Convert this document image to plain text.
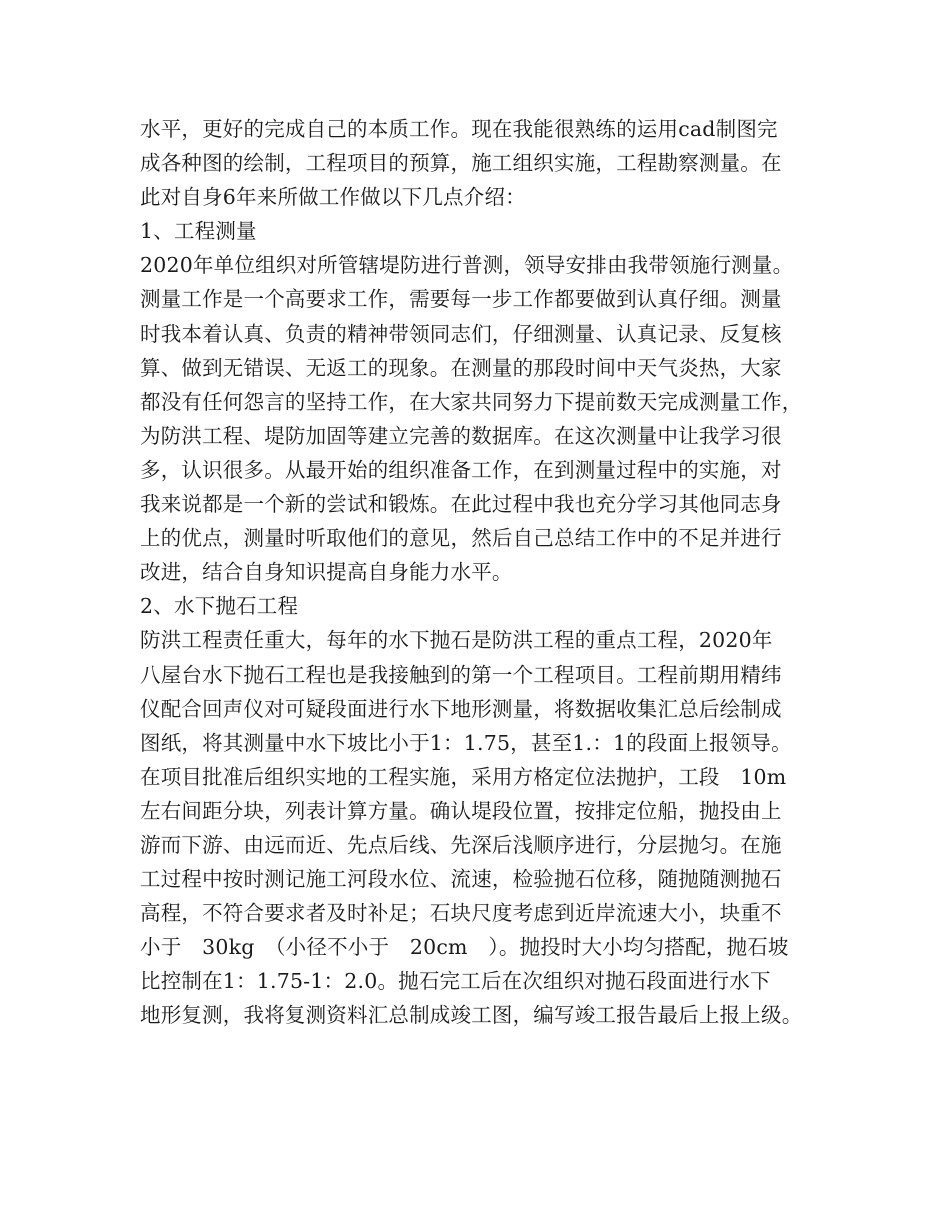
水平，更好的完成自己的本质工作。现在我能很熟练的运用cad制图完
成各种图的绘制，工程项目的预算，施工组织实施，工程勘察测量。在
此对自身6年来所做工作做以下几点介绍：
1、工程测量
2020年单位组织对所管辖堤防进行普测，领导安排由我带领施行测量。
测量工作是一个高要求工作，需要每一步工作都要做到认真仔细。测量
时我本着认真、负责的精神带领同志们，仔细测量、认真记录、反复核
算、做到无错误、无返工的现象。在测量的那段时间中天气炎热，大家
都没有任何怨言的坚持工作，在大家共同努力下提前数天完成测量工作，
为防洪工程、堤防加固等建立完善的数据库。在这次测量中让我学习很
多，认识很多。从最开始的组织准备工作，在到测量过程中的实施，对
我来说都是一个新的尝试和锻炼。在此过程中我也充分学习其他同志身
上的优点，测量时听取他们的意见，然后自己总结工作中的不足并进行
改进，结合自身知识提高自身能力水平。
2、水下抛石工程
防洪工程责任重大，每年的水下抛石是防洪工程的重点工程，2020年
八屋台水下抛石工程也是我接触到的第一个工程项目。工程前期用精纬
仪配合回声仪对可疑段面进行水下地形测量，将数据收集汇总后绘制成
图纸，将其测量中水下坡比小于1：1.75，甚至1.：1的段面上报领导。
在项目批准后组织实地的工程实施，采用方格定位法抛护，工段　10m
左右间距分块，列表计算方量。确认堤段位置，按排定位船，抛投由上
游而下游、由远而近、先点后线、先深后浅顺序进行，分层抛匀。在施
工过程中按时测记施工河段水位、流速，检验抛石位移，随抛随测抛石
高程，不符合要求者及时补足；石块尺度考虑到近岸流速大小，块重不
小于　30kg　（小径不小于　20cm　）。抛投时大小均匀搭配，抛石坡
比控制在1：1.75-1：2.0。抛石完工后在次组织对抛石段面进行水下
地形复测，我将复测资料汇总制成竣工图，编写竣工报告最后上报上级。
